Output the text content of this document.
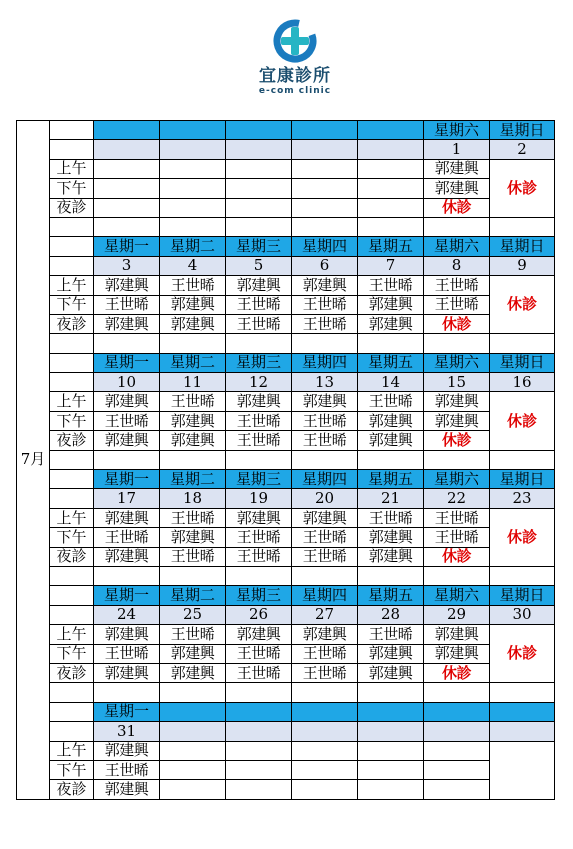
宜康診所
e-com clinic
7月							星期六	星期日
							1	2
	上午						郭建興	休診
	下午						郭建興	
	夜診						休診	

		星期一	星期二	星期三	星期四	星期五	星期六	星期日
		3	4	5	6	7	8	9
	上午	郭建興	王世晞	郭建興	郭建興	王世晞	王世晞	休診
	下午	王世晞	郭建興	王世晞	王世晞	郭建興	王世晞	
	夜診	郭建興	郭建興	王世晞	王世晞	郭建興	休診	

		星期一	星期二	星期三	星期四	星期五	星期六	星期日
		10	11	12	13	14	15	16
	上午	郭建興	王世晞	郭建興	郭建興	王世晞	郭建興	休診
	下午	王世晞	郭建興	王世晞	王世晞	郭建興	郭建興	
	夜診	郭建興	郭建興	王世晞	王世晞	郭建興	休診	

		星期一	星期二	星期三	星期四	星期五	星期六	星期日
		17	18	19	20	21	22	23
	上午	郭建興	王世晞	郭建興	郭建興	王世晞	王世晞	休診
	下午	王世晞	郭建興	王世晞	王世晞	郭建興	王世晞	
	夜診	郭建興	王世晞	王世晞	王世晞	郭建興	休診	

		星期一	星期二	星期三	星期四	星期五	星期六	星期日
		24	25	26	27	28	29	30
	上午	郭建興	王世晞	郭建興	郭建興	王世晞	郭建興	休診
	下午	王世晞	郭建興	王世晞	王世晞	郭建興	郭建興	
	夜診	郭建興	郭建興	王世晞	王世晞	郭建興	休診	

		星期一						
		31						
	上午	郭建興						
	下午	王世晞						
	夜診	郭建興						
